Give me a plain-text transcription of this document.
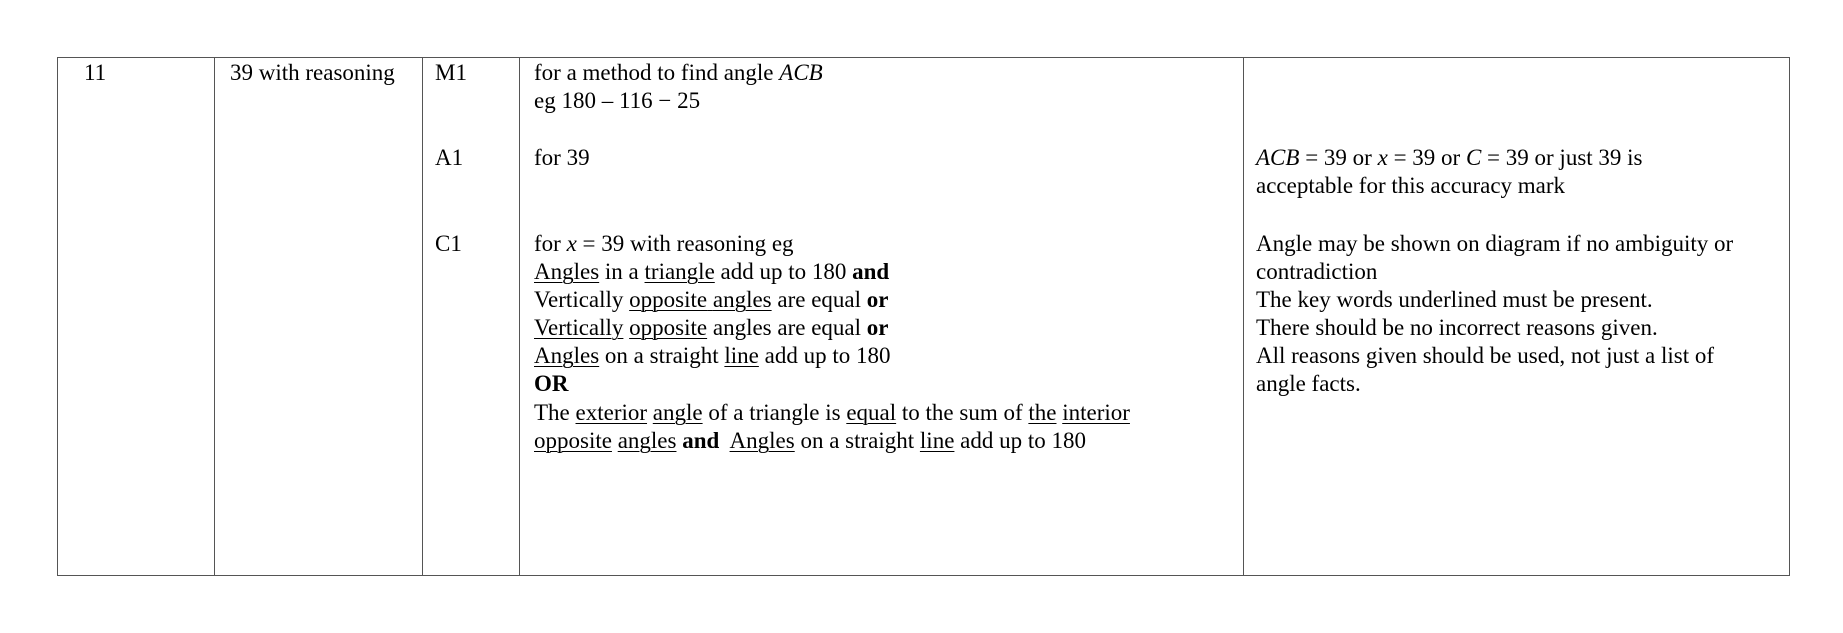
11	39 with reasoning M1
A1
C1
for a method to find angle ACB
eg 180 – 116 − 25
for 39
for x = 39 with reasoning eg
Angles in a triangle add up to 180 and
Vertically opposite angles are equal or
Vertically opposite angles are equal or
Angles on a straight line add up to 180
OR
The exterior angle of a triangle is equal to the sum of the interior
opposite angles and Angles on a straight line add up to 180
ACB = 39 or x = 39 or C = 39 or just 39 is
acceptable for this accuracy mark
Angle may be shown on diagram if no ambiguity or
contradiction
The key words underlined must be present.
There should be no incorrect reasons given.
All reasons given should be used, not just a list of
angle facts.
